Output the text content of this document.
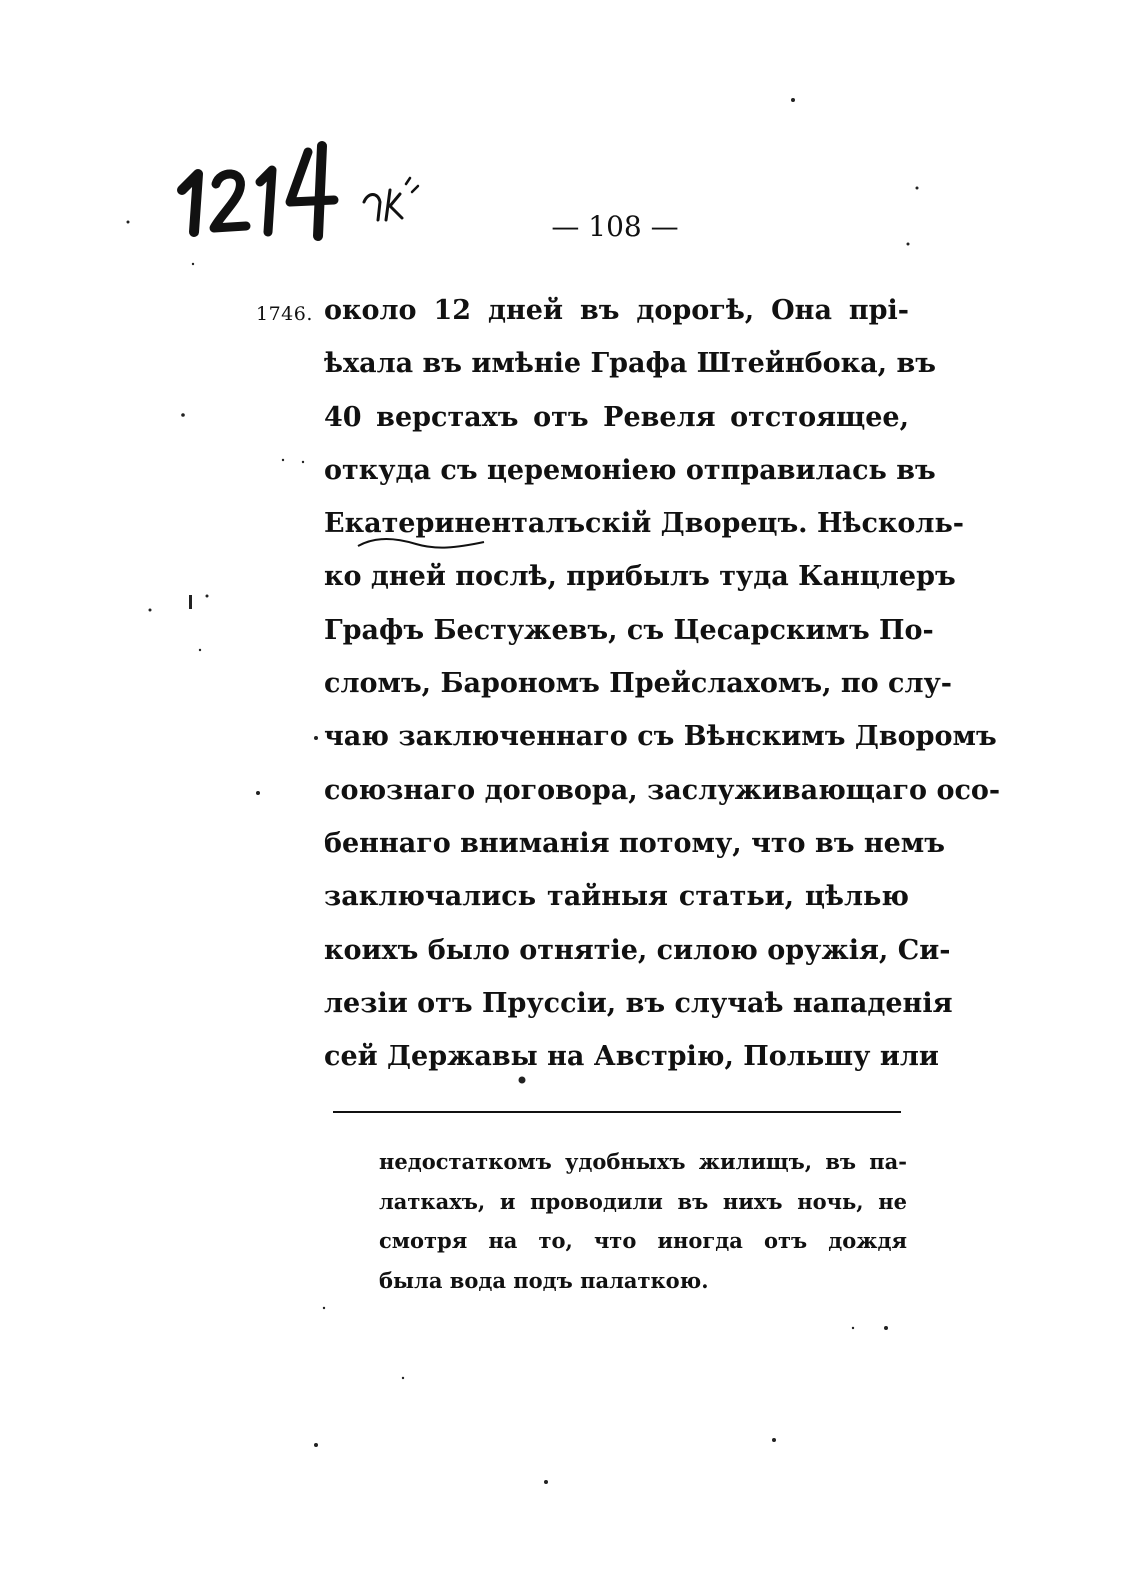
— 108 —
1746. около 12 дней въ дорогѣ, Она прі-
ѣхала въ имѣніе Графа Штейнбока, въ
40 верстахъ отъ Ревеля отстоящее,
откуда съ церемоніею отправилась въ
Екатериненталъскій Дворецъ. Нѣсколь-
ко дней послѣ, прибылъ туда Канцлеръ
Графъ Бестужевъ, съ Цесарскимъ По-
сломъ, Барономъ Прейслахомъ, по слу-
чаю заключеннаго съ Вѣнскимъ Дворомъ
союзнаго договора, заслуживающаго осо-
беннаго вниманія потому, что въ немъ
заключались тайныя статьи, цѣлью
коихъ было отнятіе, силою оружія, Си-
лезіи отъ Пруссіи, въ случаѣ нападенія
сей Державы на Австрію, Польшу или
недостаткомъ удобныхъ жилищъ, въ па-
латкахъ, и проводили въ нихъ ночь, не
смотря на то, что иногда отъ дождя
была вода подъ палаткою.
